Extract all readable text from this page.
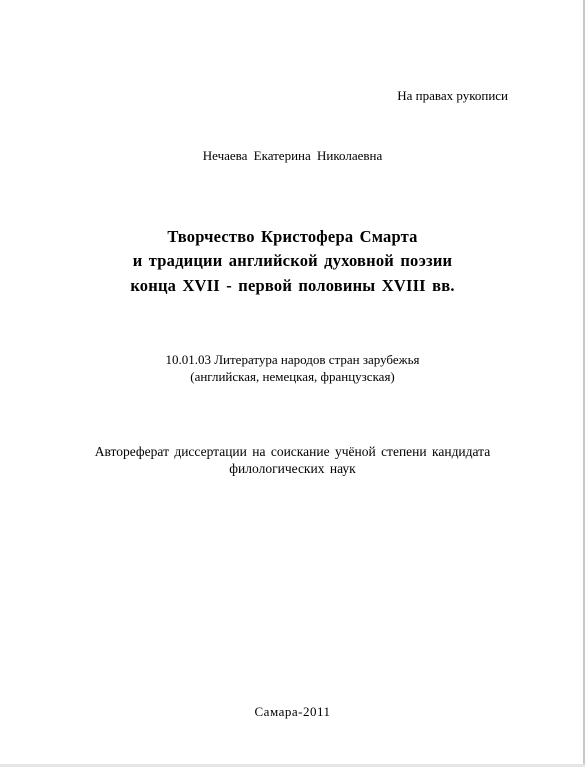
На правах рукописи
Нечаева Екатерина Николаевна
Творчество Кристофера Смарта
и традиции английской духовной поэзии
конца XVII - первой половины XVIII вв.
10.01.03 Литература народов стран зарубежья
(английская, немецкая, французская)
Автореферат диссертации на соискание учёной степени кандидата
филологических наук
Самара-2011
